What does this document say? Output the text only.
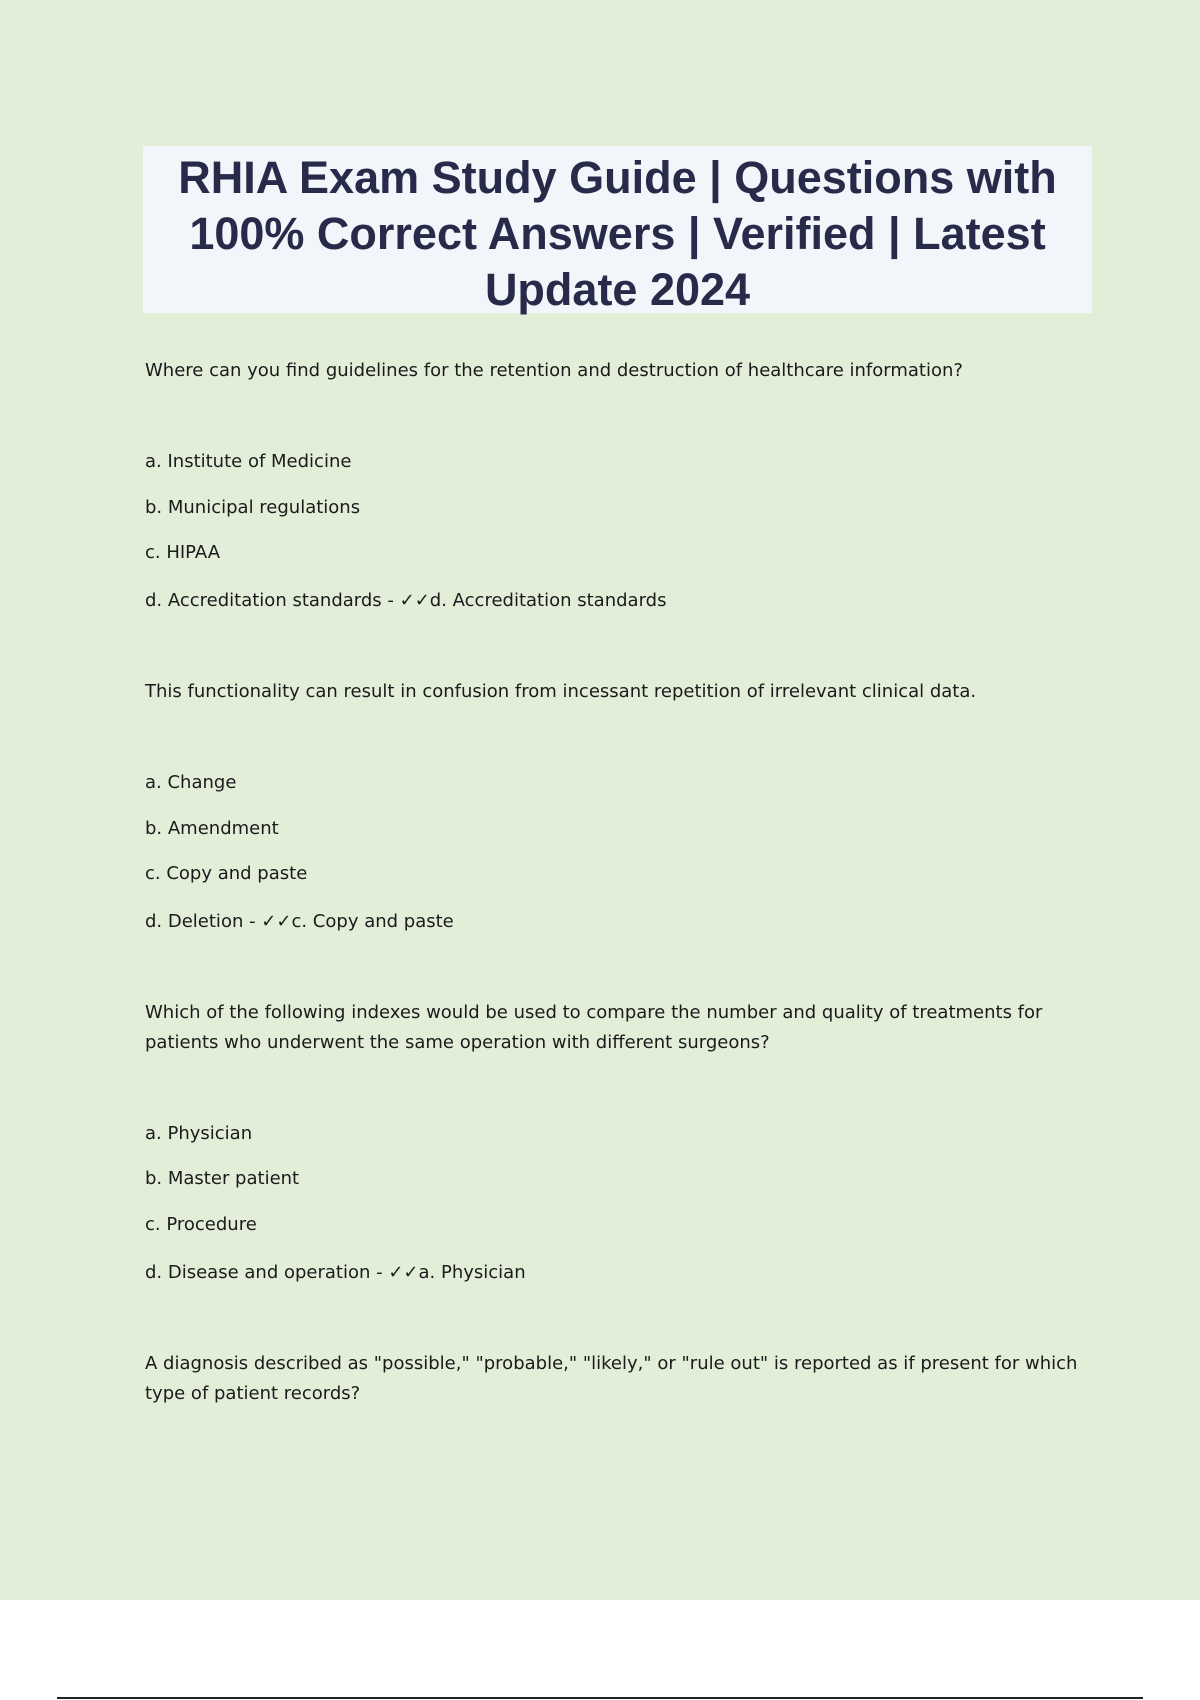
RHIA Exam Study Guide | Questions with 100% Correct Answers | Verified | Latest Update 2024
Where can you find guidelines for the retention and destruction of healthcare information?
a. Institute of Medicine
b. Municipal regulations
c. HIPAA
d. Accreditation standards - ✓✓d. Accreditation standards
This functionality can result in confusion from incessant repetition of irrelevant clinical data.
a. Change
b. Amendment
c. Copy and paste
d. Deletion - ✓✓c. Copy and paste
Which of the following indexes would be used to compare the number and quality of treatments for patients who underwent the same operation with different surgeons?
a. Physician
b. Master patient
c. Procedure
d. Disease and operation - ✓✓a. Physician
A diagnosis described as "possible," "probable," "likely," or "rule out" is reported as if present for which type of patient records?
